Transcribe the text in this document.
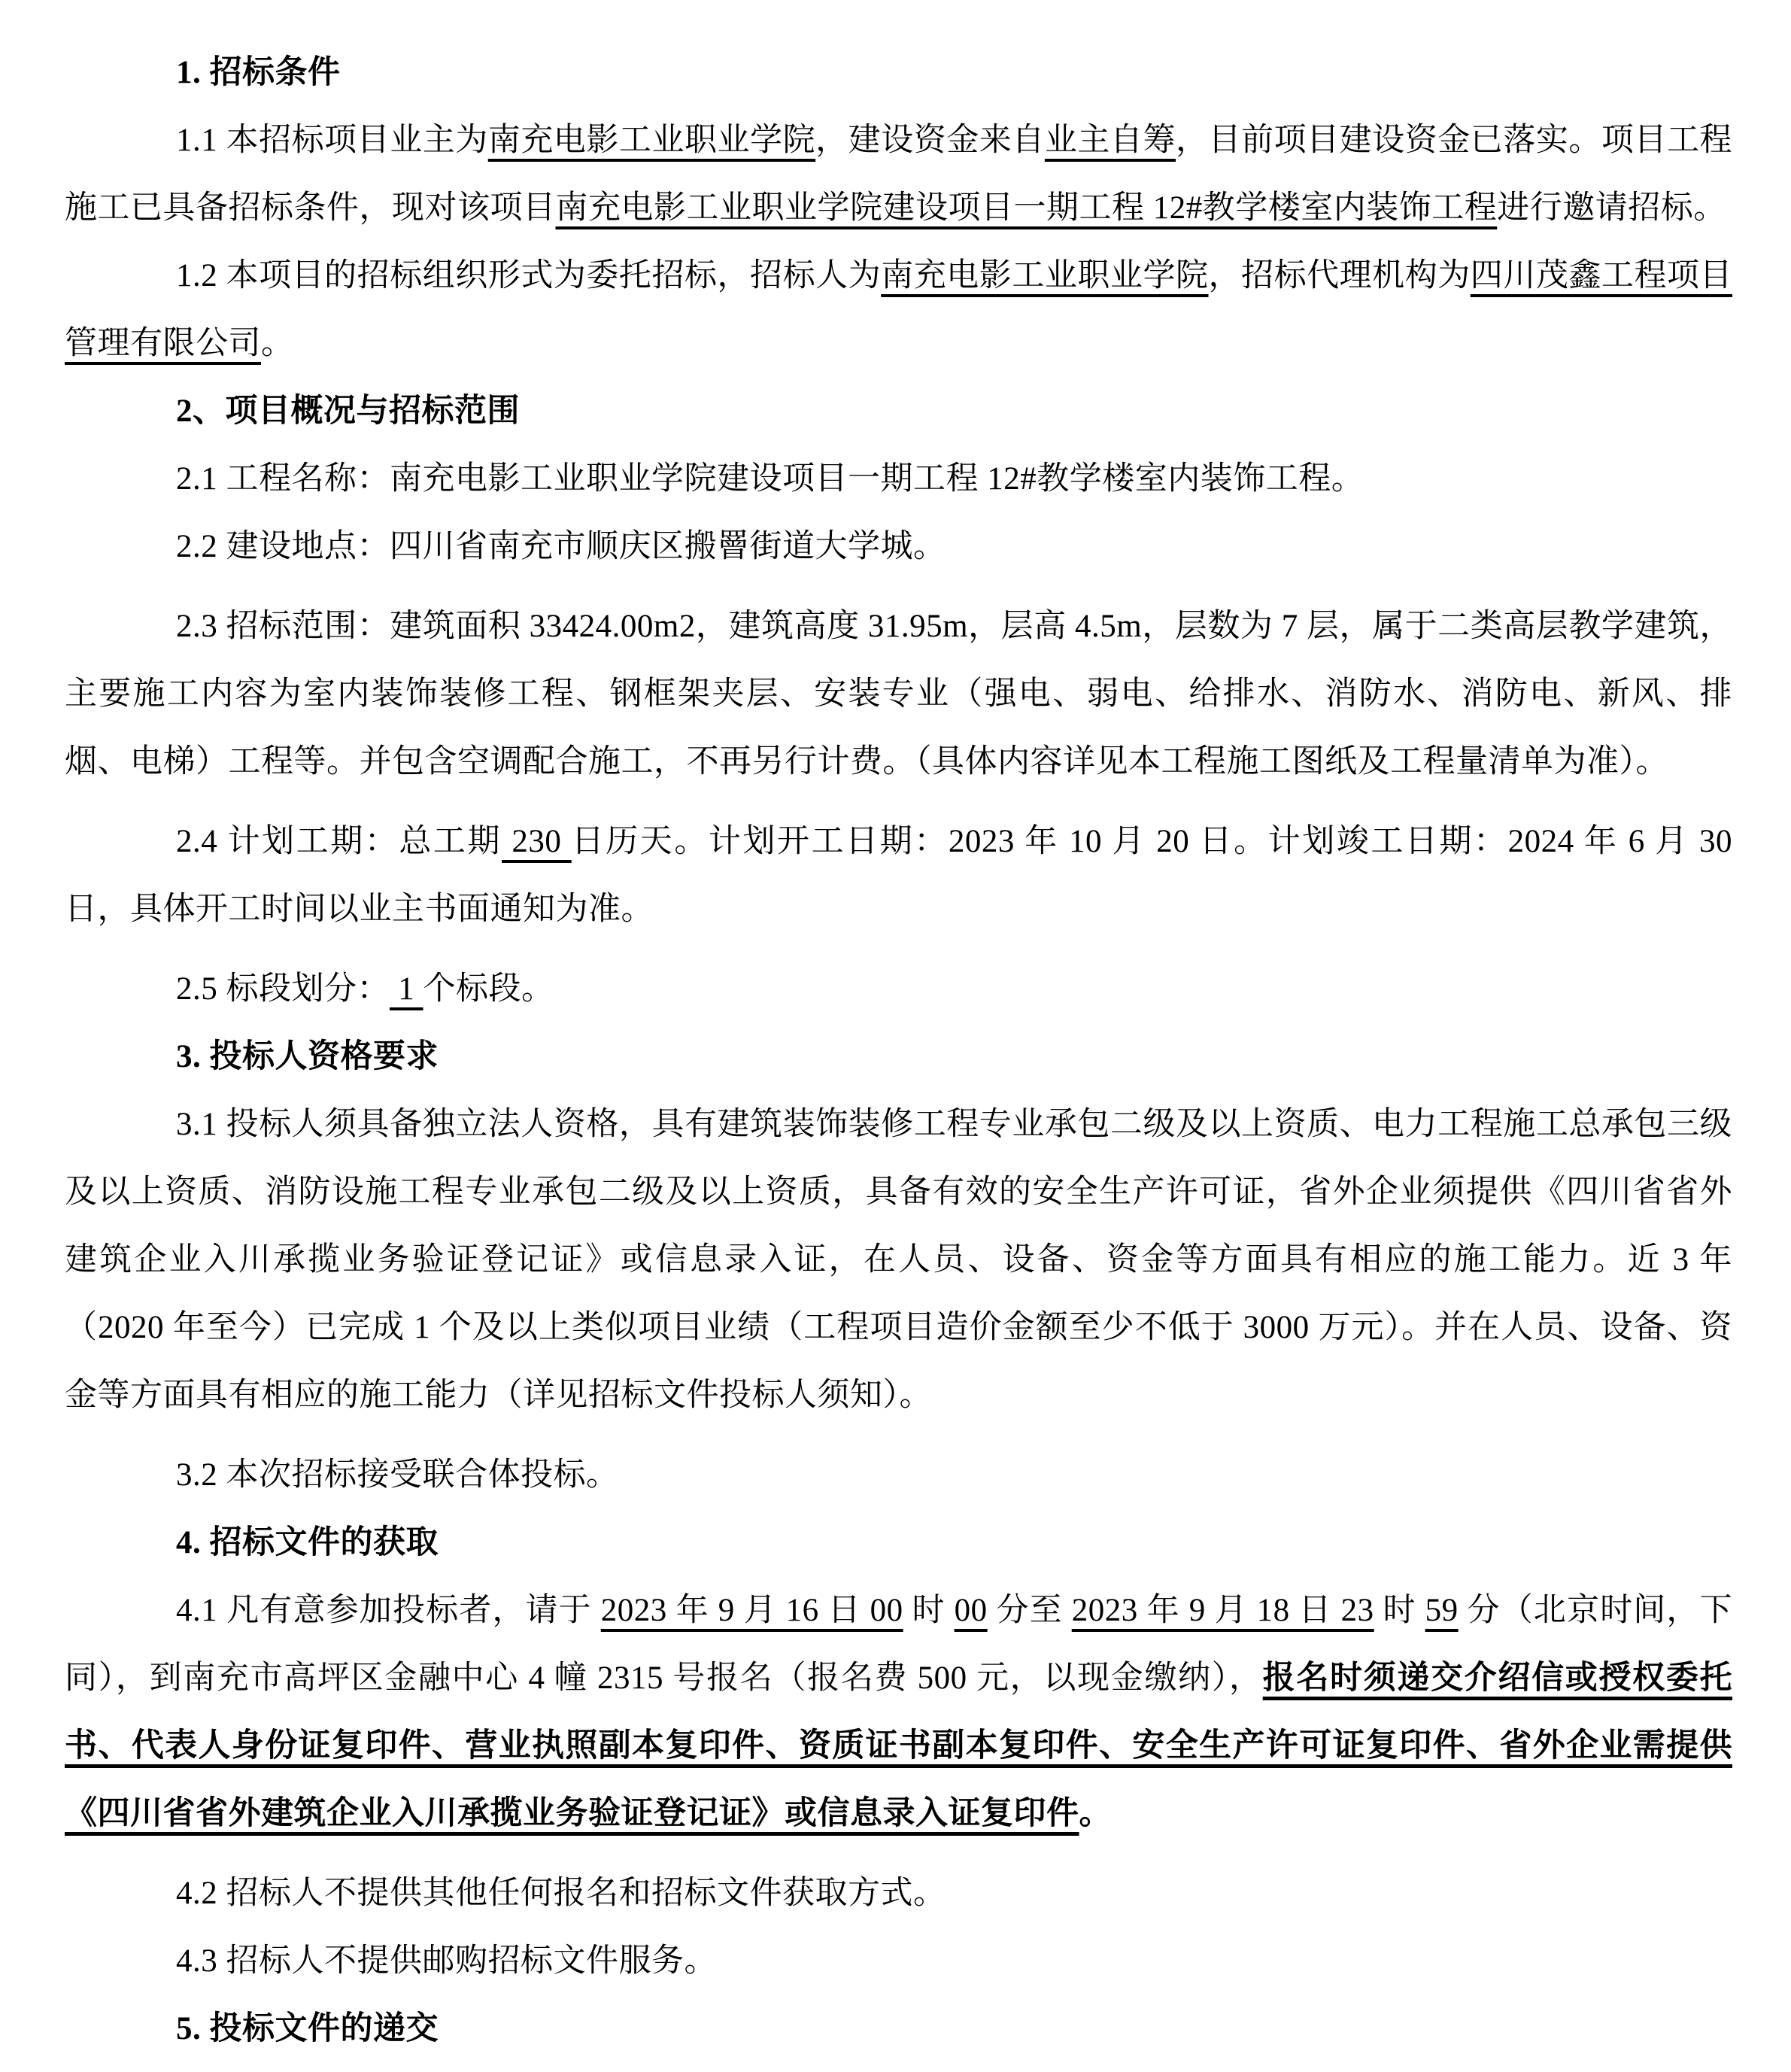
1. 招标条件

1.1 本招标项目业主为南充电影工业职业学院，建设资金来自业主自筹，目前项目建设资金已落实。项目工程施工已具备招标条件，现对该项目南充电影工业职业学院建设项目一期工程 12#教学楼室内装饰工程进行邀请招标。

1.2 本项目的招标组织形式为委托招标，招标人为南充电影工业职业学院，招标代理机构为四川茂鑫工程项目管理有限公司。

2、项目概况与招标范围

2.1 工程名称：南充电影工业职业学院建设项目一期工程 12#教学楼室内装饰工程。

2.2 建设地点：四川省南充市顺庆区搬罾街道大学城。

2.3 招标范围：建筑面积 33424.00m2，建筑高度 31.95m，层高 4.5m，层数为 7 层，属于二类高层教学建筑，主要施工内容为室内装饰装修工程、钢框架夹层、安装专业（强电、弱电、给排水、消防水、消防电、新风、排烟、电梯）工程等。并包含空调配合施工，不再另行计费。（具体内容详见本工程施工图纸及工程量清单为准）。

2.4 计划工期：总工期 230 日历天。计划开工日期：2023 年 10 月 20 日。计划竣工日期：2024 年 6 月 30 日，具体开工时间以业主书面通知为准。

2.5 标段划分： 1 个标段。

3. 投标人资格要求

3.1 投标人须具备独立法人资格，具有建筑装饰装修工程专业承包二级及以上资质、电力工程施工总承包三级及以上资质、消防设施工程专业承包二级及以上资质，具备有效的安全生产许可证，省外企业须提供《四川省省外建筑企业入川承揽业务验证登记证》或信息录入证，在人员、设备、资金等方面具有相应的施工能力。近 3 年（2020 年至今）已完成 1 个及以上类似项目业绩（工程项目造价金额至少不低于 3000 万元）。并在人员、设备、资金等方面具有相应的施工能力（详见招标文件投标人须知）。

3.2 本次招标接受联合体投标。

4. 招标文件的获取

4.1 凡有意参加投标者，请于 2023 年 9 月 16 日 00 时 00 分至 2023 年 9 月 18 日 23 时 59 分（北京时间，下同），到南充市高坪区金融中心 4 幢 2315 号报名（报名费 500 元，以现金缴纳），报名时须递交介绍信或授权委托书、代表人身份证复印件、营业执照副本复印件、资质证书副本复印件、安全生产许可证复印件、省外企业需提供《四川省省外建筑企业入川承揽业务验证登记证》或信息录入证复印件。

4.2 招标人不提供其他任何报名和招标文件获取方式。

4.3 招标人不提供邮购招标文件服务。

5. 投标文件的递交
